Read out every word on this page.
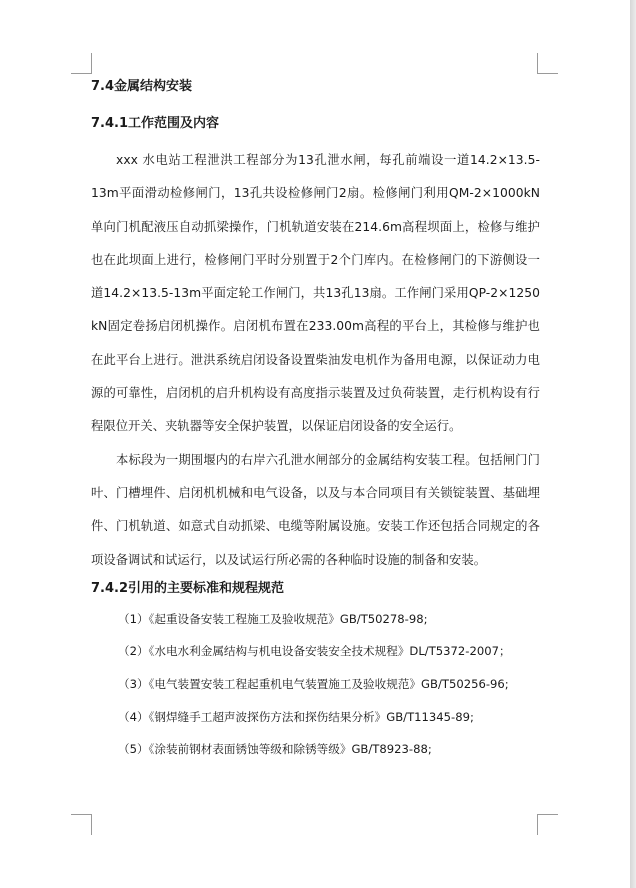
7.4金属结构安装

7.4.1工作范围及内容

xxx 水电站工程泄洪工程部分为13孔泄水闸，每孔前端设一道14.2×13.5-13m平面滑动检修闸门，13孔共设检修闸门2扇。检修闸门利用QM-2×1000kN单向门机配液压自动抓梁操作，门机轨道安装在214.6m高程坝面上，检修与维护也在此坝面上进行，检修闸门平时分别置于2个门库内。在检修闸门的下游侧设一道14.2×13.5-13m平面定轮工作闸门，共13孔13扇。工作闸门采用QP-2×1250 kN固定卷扬启闭机操作。启闭机布置在233.00m高程的平台上，其检修与维护也在此平台上进行。泄洪系统启闭设备设置柴油发电机作为备用电源，以保证动力电源的可靠性，启闭机的启升机构设有高度指示装置及过负荷装置，走行机构设有行程限位开关、夹轨器等安全保护装置，以保证启闭设备的安全运行。

本标段为一期围堰内的右岸六孔泄水闸部分的金属结构安装工程。包括闸门门叶、门槽埋件、启闭机机械和电气设备，以及与本合同项目有关锁锭装置、基础埋件、门机轨道、如意式自动抓梁、电缆等附属设施。安装工作还包括合同规定的各项设备调试和试运行，以及试运行所必需的各种临时设施的制备和安装。

7.4.2引用的主要标准和规程规范

（1）《起重设备安装工程施工及验收规范》GB/T50278-98;
（2）《水电水利金属结构与机电设备安装安全技术规程》DL/T5372-2007；
（3）《电气装置安装工程起重机电气装置施工及验收规范》GB/T50256-96;
（4）《钢焊缝手工超声波探伤方法和探伤结果分析》GB/T11345-89;
（5）《涂装前钢材表面锈蚀等级和除锈等级》GB/T8923-88;
